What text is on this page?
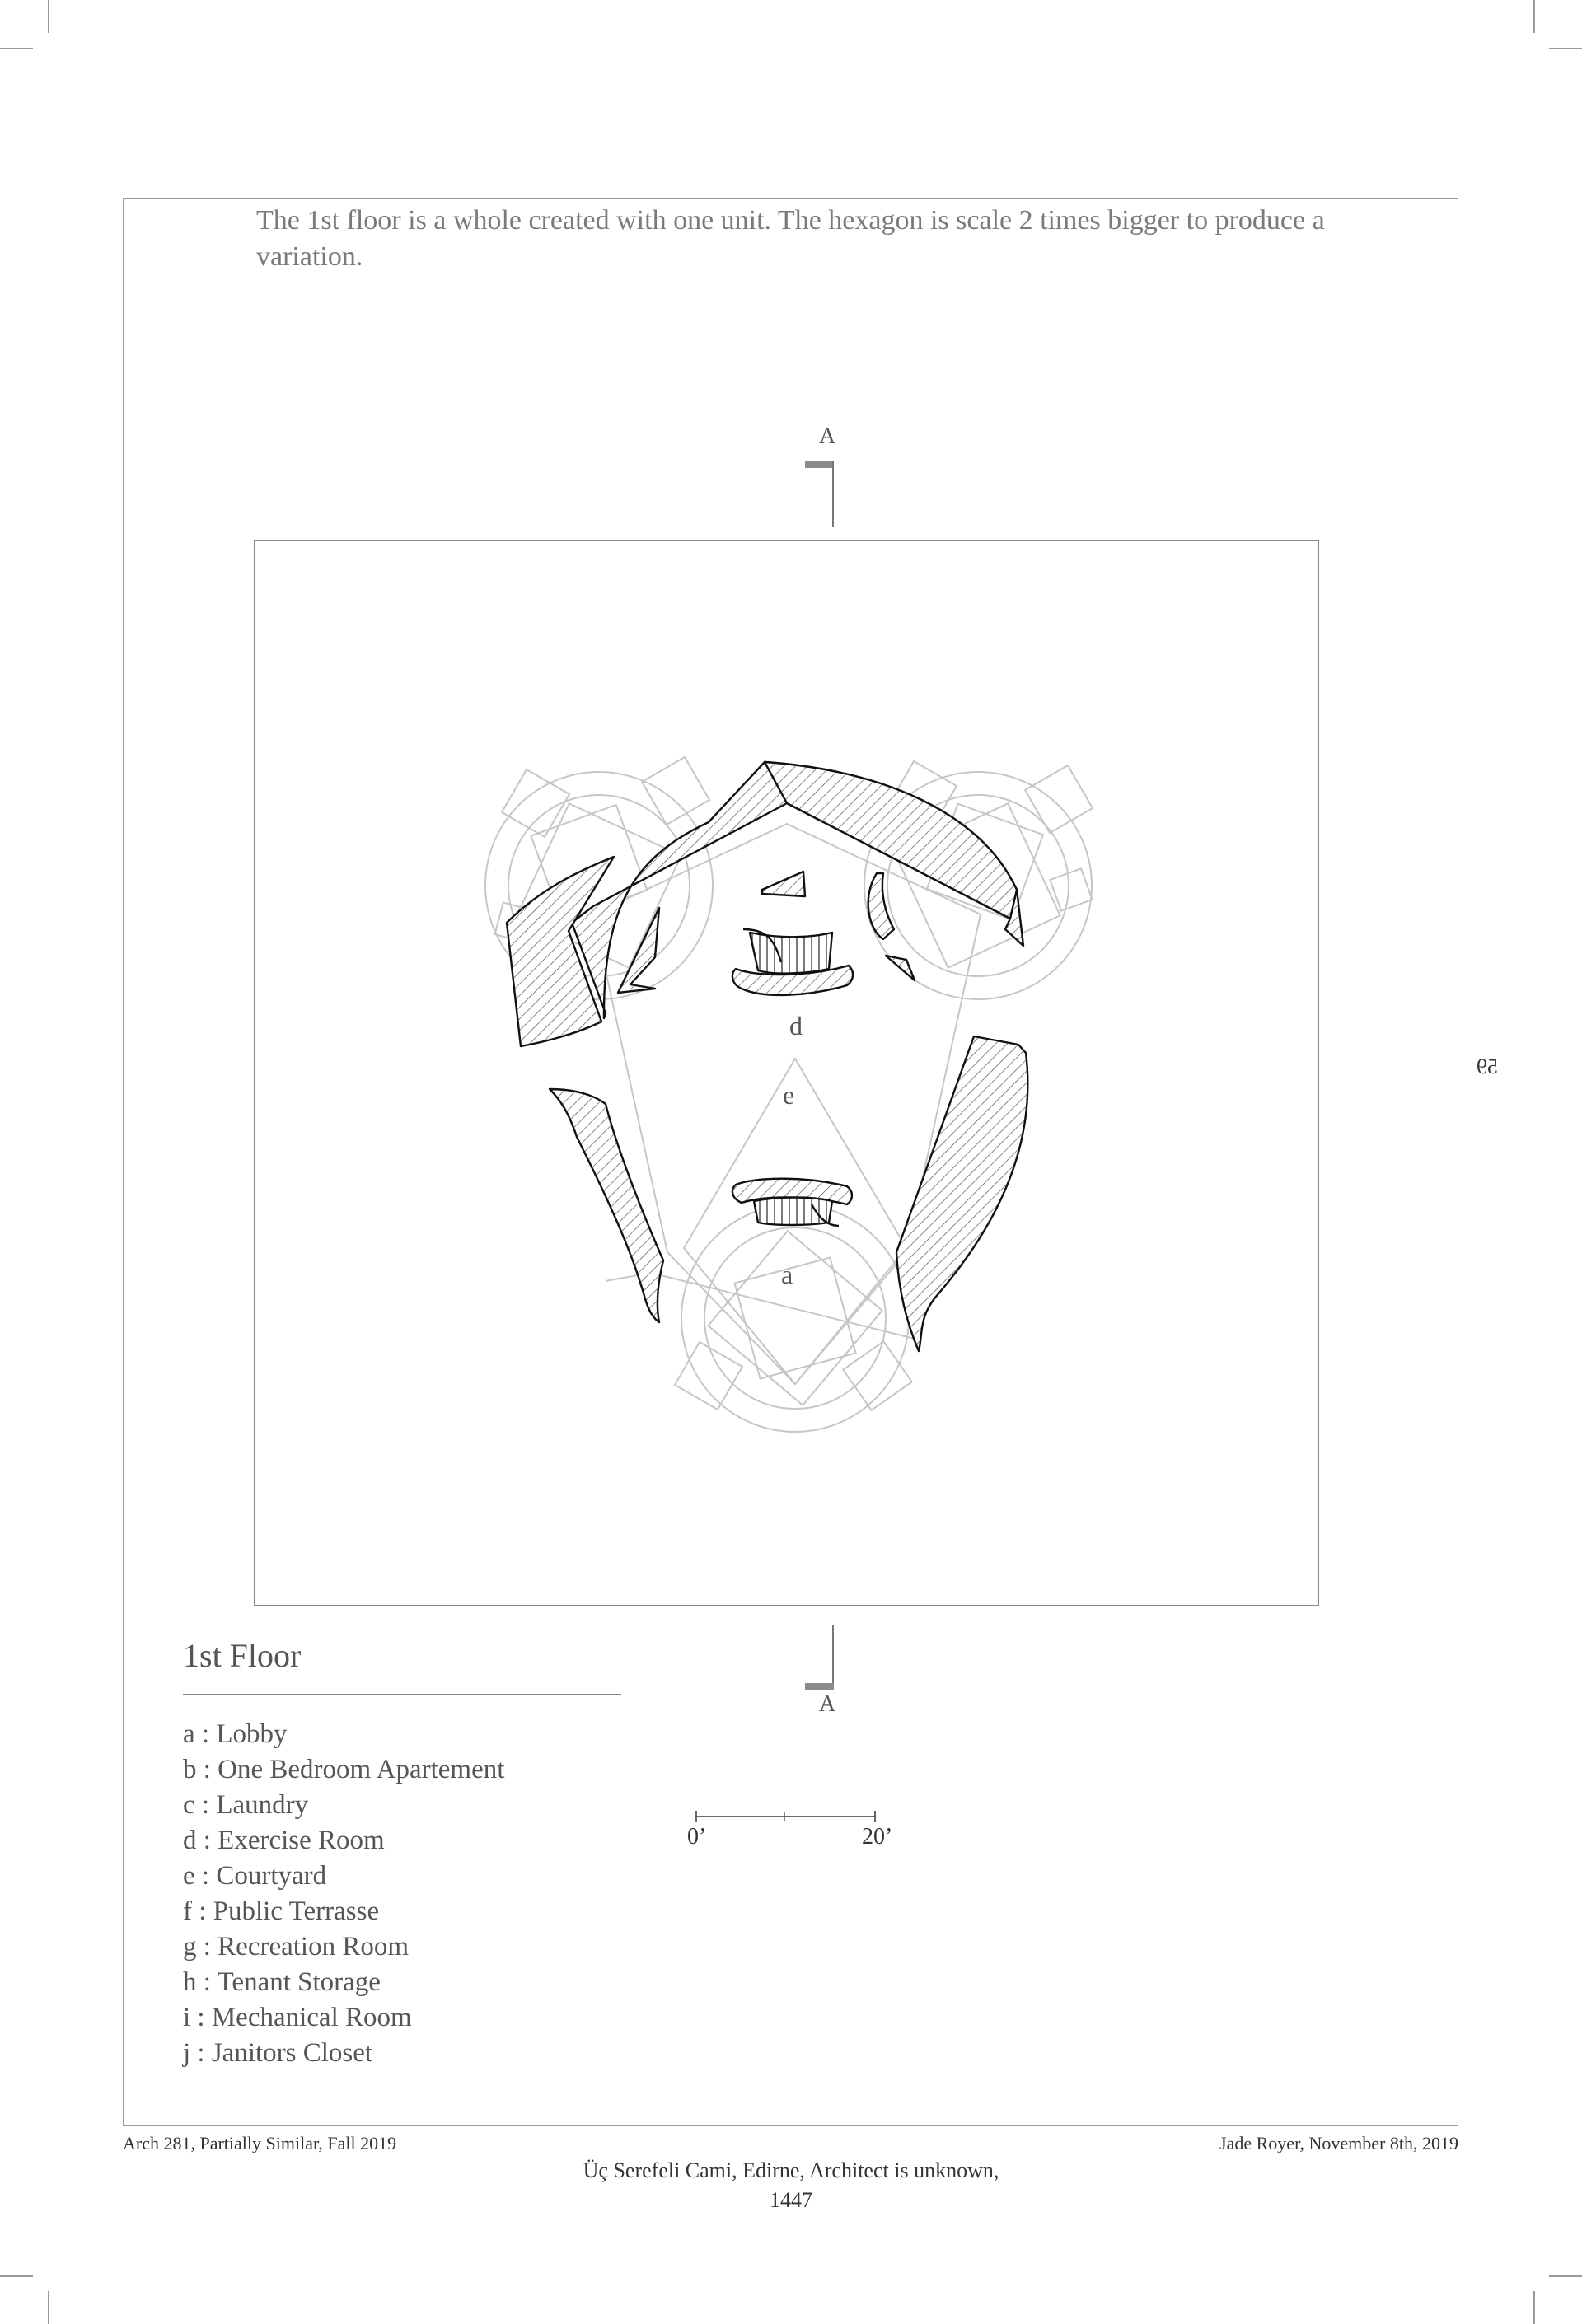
The 1st floor is a whole created with one unit. The hexagon is scale 2 times bigger to produce a variation.
A
A
d
e
a
59
1st Floor
a : Lobby
b : One Bedroom Apartement
c : Laundry
d : Exercise Room
e : Courtyard
f : Public Terrasse
g : Recreation Room
h : Tenant Storage
i : Mechanical Room
j : Janitors Closet
0’	20’
Arch 281, Partially Similar, Fall 2019	Jade Royer, November 8th, 2019
Üç Serefeli Cami, Edirne, Architect is unknown,
1447
